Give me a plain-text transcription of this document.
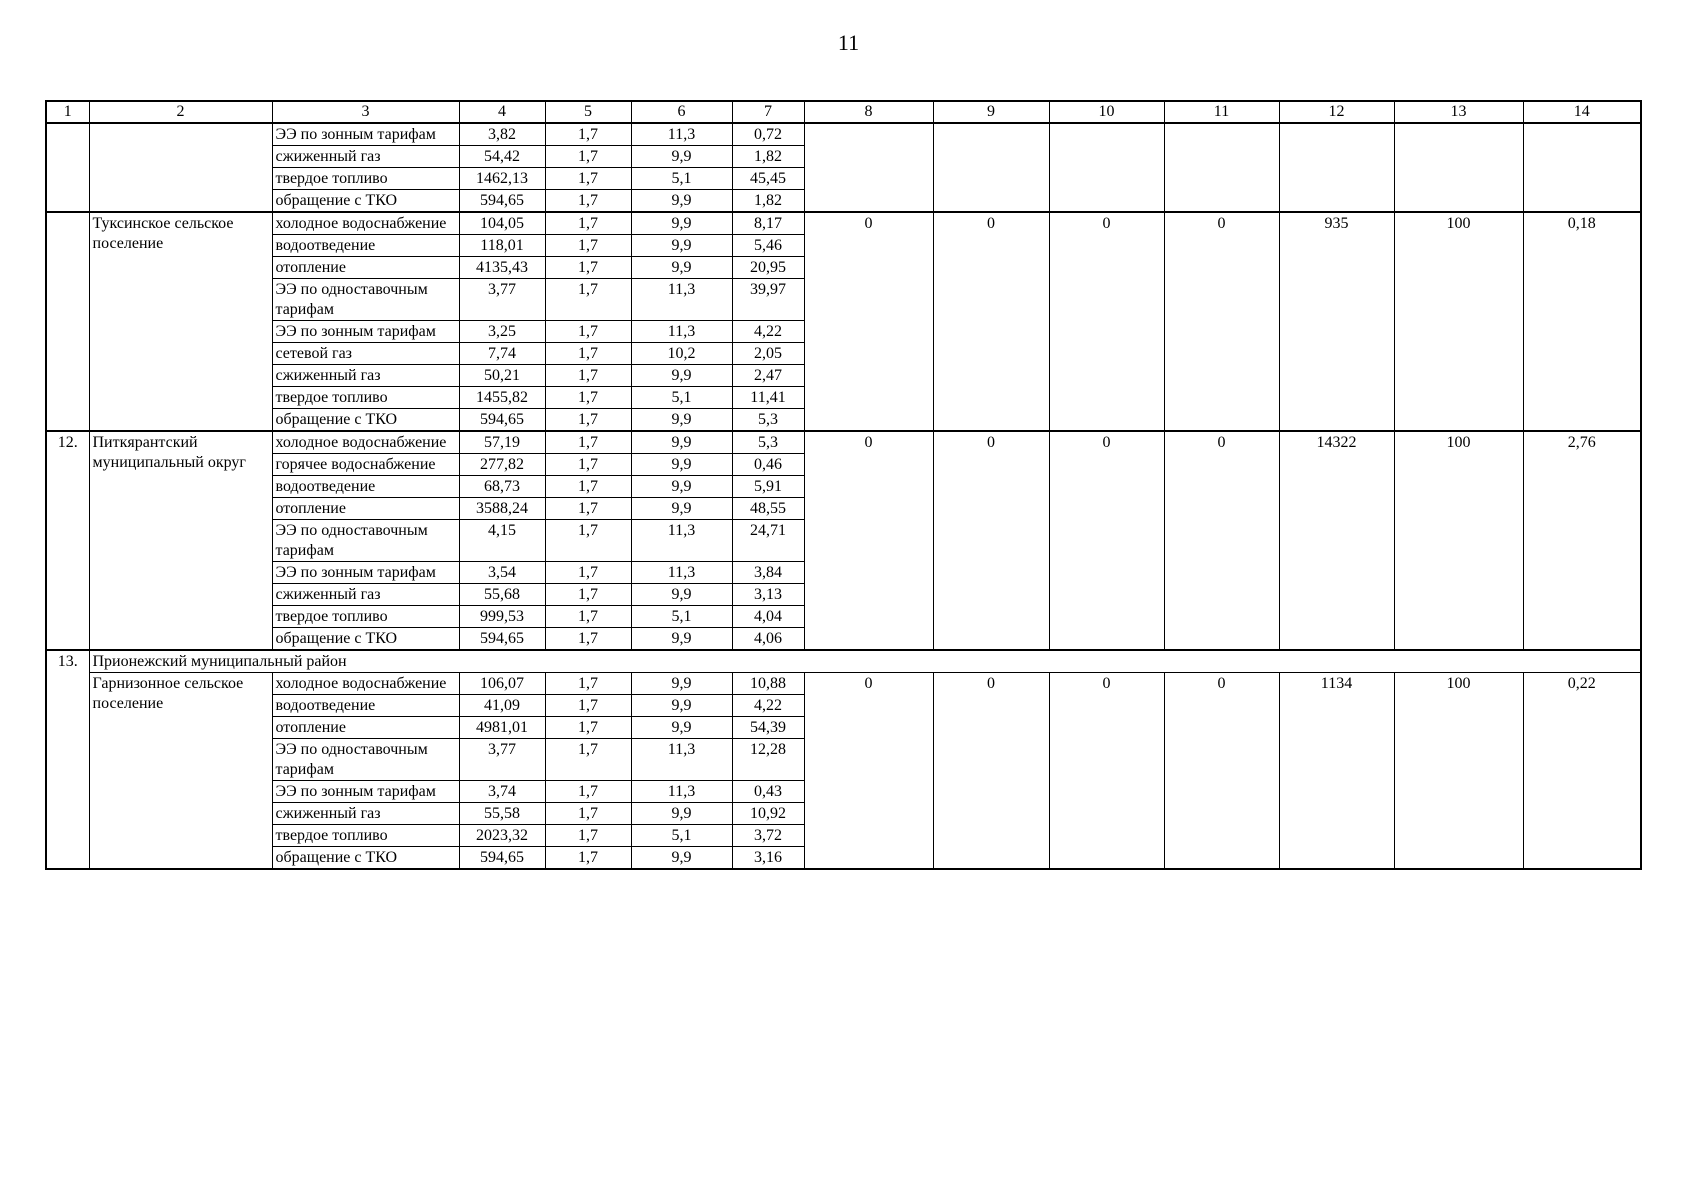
11
1	2	3	4	5	6	7	8	9	10	11	12	13	14
		ЭЭ по зонным тарифам	3,82	1,7	11,3	0,72							
		сжиженный газ	54,42	1,7	9,9	1,82							
		твердое топливо	1462,13	1,7	5,1	45,45							
		обращение с ТКО	594,65	1,7	9,9	1,82							
	Туксинское сельское поселение	холодное водоснабжение	104,05	1,7	9,9	8,17	0	0	0	0	935	100	0,18
		водоотведение	118,01	1,7	9,9	5,46							
		отопление	4135,43	1,7	9,9	20,95							
		ЭЭ по одноставочным тарифам	3,77	1,7	11,3	39,97							
		ЭЭ по зонным тарифам	3,25	1,7	11,3	4,22							
		сетевой газ	7,74	1,7	10,2	2,05							
		сжиженный газ	50,21	1,7	9,9	2,47							
		твердое топливо	1455,82	1,7	5,1	11,41							
		обращение с ТКО	594,65	1,7	9,9	5,3							
12.	Питкярантский муниципальный округ	холодное водоснабжение	57,19	1,7	9,9	5,3	0	0	0	0	14322	100	2,76
		горячее водоснабжение	277,82	1,7	9,9	0,46							
		водоотведение	68,73	1,7	9,9	5,91							
		отопление	3588,24	1,7	9,9	48,55							
		ЭЭ по одноставочным тарифам	4,15	1,7	11,3	24,71							
		ЭЭ по зонным тарифам	3,54	1,7	11,3	3,84							
		сжиженный газ	55,68	1,7	9,9	3,13							
		твердое топливо	999,53	1,7	5,1	4,04							
		обращение с ТКО	594,65	1,7	9,9	4,06							
13.	Прионежский муниципальный район												
	Гарнизонное сельское поселение	холодное водоснабжение	106,07	1,7	9,9	10,88	0	0	0	0	1134	100	0,22
		водоотведение	41,09	1,7	9,9	4,22							
		отопление	4981,01	1,7	9,9	54,39							
		ЭЭ по одноставочным тарифам	3,77	1,7	11,3	12,28							
		ЭЭ по зонным тарифам	3,74	1,7	11,3	0,43							
		сжиженный газ	55,58	1,7	9,9	10,92							
		твердое топливо	2023,32	1,7	5,1	3,72							
		обращение с ТКО	594,65	1,7	9,9	3,16							
